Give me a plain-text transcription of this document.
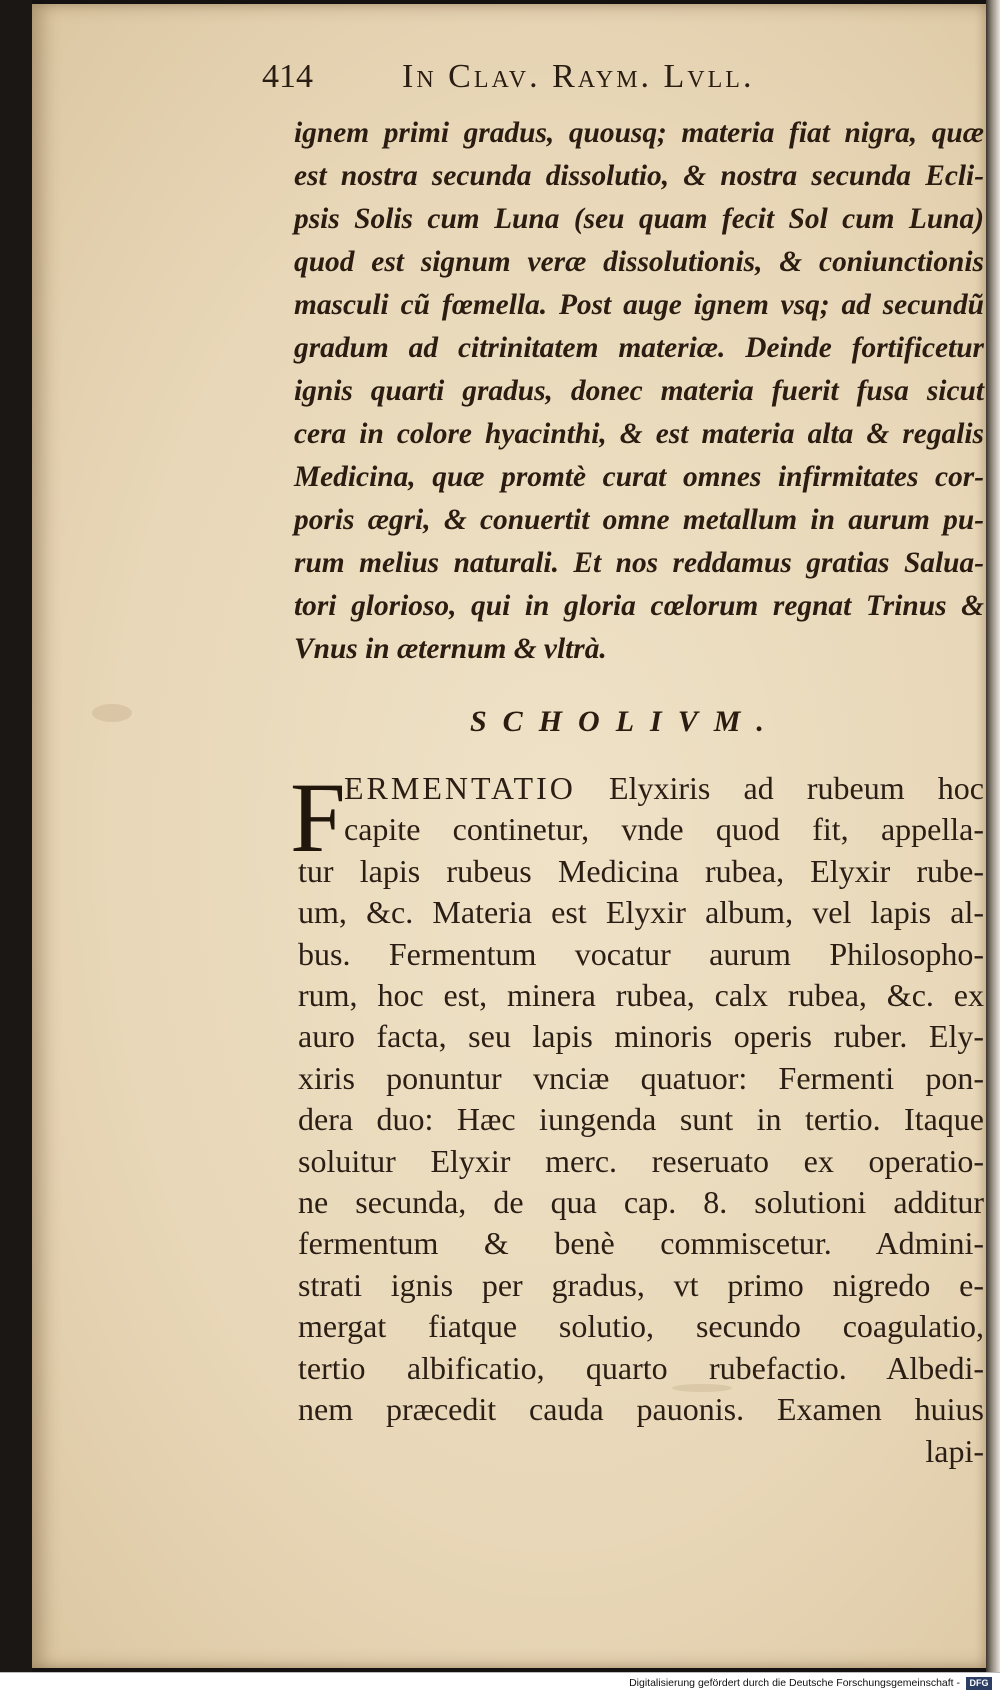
414	In Clav. Raym. Lvll.
ignem primi gradus, quousq; materia fiat nigra, quæ
est nostra secunda dissolutio, & nostra secunda Ecli-
psis Solis cum Luna (seu quam fecit Sol cum Luna)
quod est signum veræ dissolutionis, & coniunctionis
masculi cũ fœmella. Post auge ignem vsq; ad secundũ
gradum ad citrinitatem materiæ. Deinde fortificetur
ignis quarti gradus, donec materia fuerit fusa sicut
cera in colore hyacinthi, & est materia alta & regalis
Medicina, quæ promtè curat omnes infirmitates cor-
poris ægri, & conuertit omne metallum in aurum pu-
rum melius naturali. Et nos reddamus gratias Salua-
tori glorioso, qui in gloria cœlorum regnat Trinus &
Vnus in æternum & vltrà.
SCHOLIVM.
F
ERMENTATIO Elyxiris ad rubeum hoc
capite continetur, vnde quod fit, appella-
tur lapis rubeus Medicina rubea, Elyxir rube-
um, &c. Materia est Elyxir album, vel lapis al-
bus. Fermentum vocatur aurum Philosopho-
rum, hoc est, minera rubea, calx rubea, &c. ex
auro facta, seu lapis minoris operis ruber. Ely-
xiris ponuntur vnciæ quatuor: Fermenti pon-
dera duo: Hæc iungenda sunt in tertio. Itaque
soluitur Elyxir merc. reseruato ex operatio-
ne secunda, de qua cap. 8. solutioni additur
fermentum & benè commiscetur. Admini-
strati ignis per gradus, vt primo nigredo e-
mergat fiatque solutio, secundo coagulatio,
tertio albificatio, quarto rubefactio. Albedi-
nem præcedit cauda pauonis. Examen huius
lapi-
Digitalisierung gefördert durch die Deutsche Forschungsgemeinschaft -	DFG
